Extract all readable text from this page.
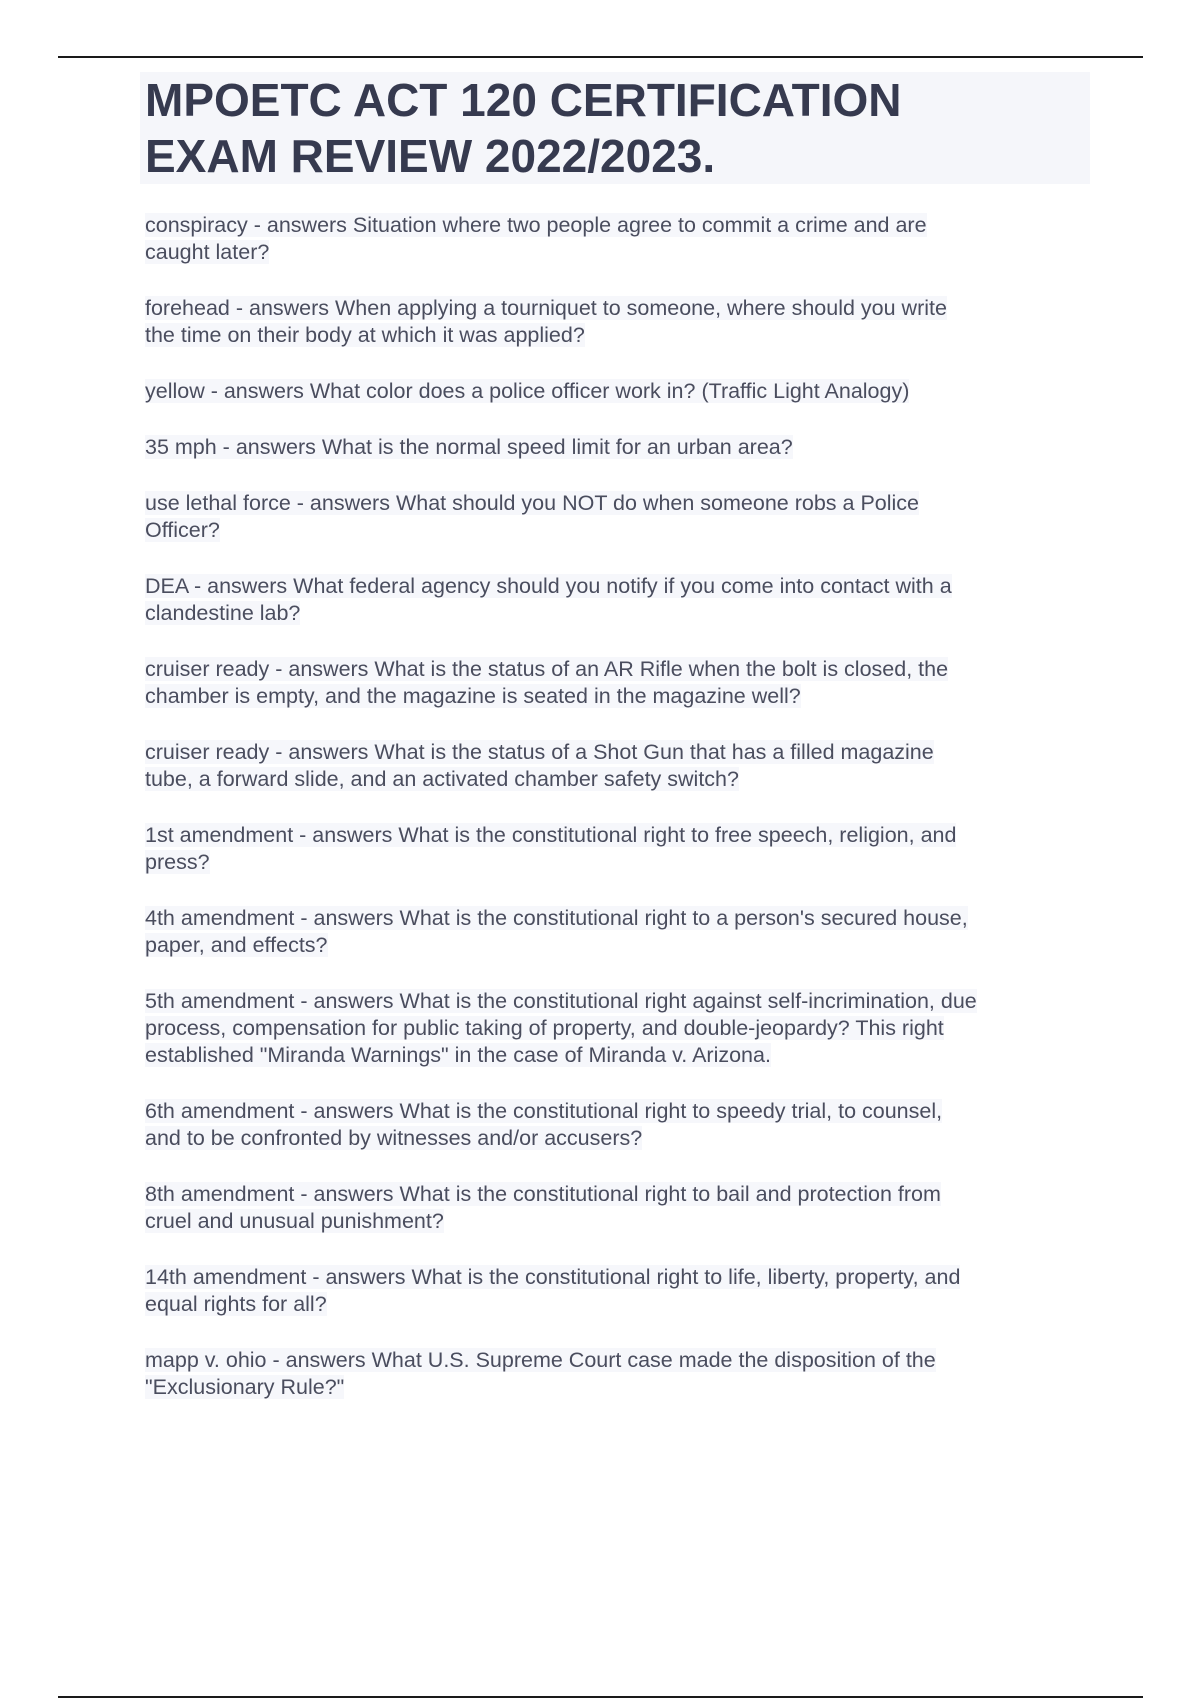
MPOETC ACT 120 CERTIFICATION
EXAM REVIEW 2022/2023.

conspiracy - answers Situation where two people agree to commit a crime and are
caught later?

forehead - answers When applying a tourniquet to someone, where should you write
the time on their body at which it was applied?

yellow - answers What color does a police officer work in? (Traffic Light Analogy)

35 mph - answers What is the normal speed limit for an urban area?

use lethal force - answers What should you NOT do when someone robs a Police
Officer?

DEA - answers What federal agency should you notify if you come into contact with a
clandestine lab?

cruiser ready - answers What is the status of an AR Rifle when the bolt is closed, the
chamber is empty, and the magazine is seated in the magazine well?

cruiser ready - answers What is the status of a Shot Gun that has a filled magazine
tube, a forward slide, and an activated chamber safety switch?

1st amendment - answers What is the constitutional right to free speech, religion, and
press?

4th amendment - answers What is the constitutional right to a person's secured house,
paper, and effects?

5th amendment - answers What is the constitutional right against self-incrimination, due
process, compensation for public taking of property, and double-jeopardy? This right
established "Miranda Warnings" in the case of Miranda v. Arizona.

6th amendment - answers What is the constitutional right to speedy trial, to counsel,
and to be confronted by witnesses and/or accusers?

8th amendment - answers What is the constitutional right to bail and protection from
cruel and unusual punishment?

14th amendment - answers What is the constitutional right to life, liberty, property, and
equal rights for all?

mapp v. ohio - answers What U.S. Supreme Court case made the disposition of the
"Exclusionary Rule?"
